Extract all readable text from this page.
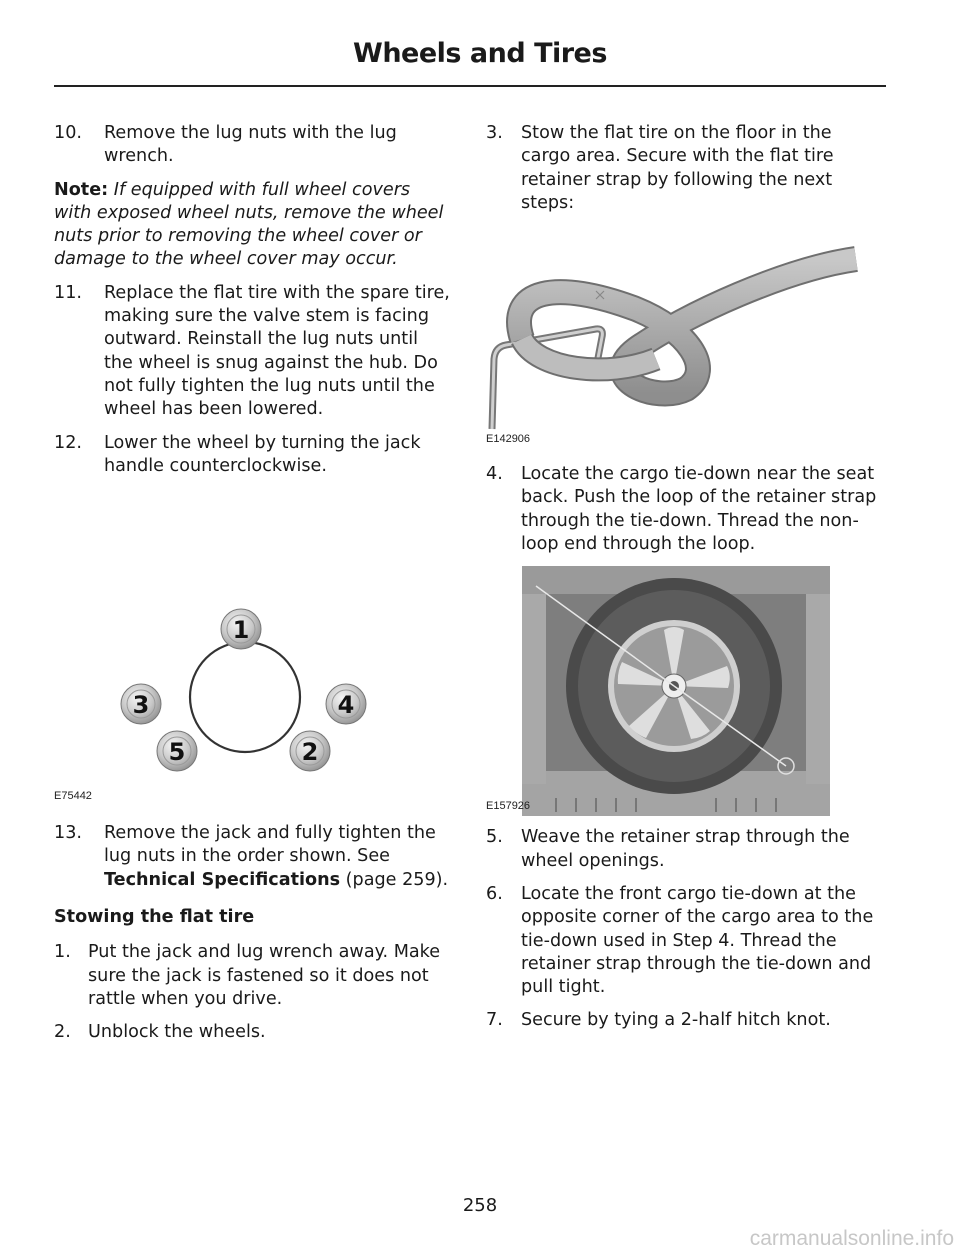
Wheels and Tires
10.	Remove the lug nuts with the lug wrench.
Note: If equipped with full wheel covers with exposed wheel nuts, remove the wheel nuts prior to removing the wheel cover or damage to the wheel cover may occur.
11.	Replace the flat tire with the spare tire, making sure the valve stem is facing outward. Reinstall the lug nuts until the wheel is snug against the hub. Do not fully tighten the lug nuts until the wheel has been lowered.
12.	Lower the wheel by turning the jack handle counterclockwise.
1
3	4
5	2
E75442
13.	Remove the jack and fully tighten the lug nuts in the order shown. See Technical Specifications (page 259).
Stowing the flat tire
1. Put the jack and lug wrench away. Make sure the jack is fastened so it does not rattle when you drive.
2. Unblock the wheels.
3.	Stow the flat tire on the floor in the cargo area. Secure with the flat tire retainer strap by following the next steps:
E142906
4.	Locate the cargo tie-down near the seat back. Push the loop of the retainer strap through the tie-down. Thread the non-loop end through the loop.
E157926
5.	Weave the retainer strap through the wheel openings.
6.	Locate the front cargo tie-down at the opposite corner of the cargo area to the tie-down used in Step 4. Thread the retainer strap through the tie-down and pull tight.
7.	Secure by tying a 2-half hitch knot.
258
carmanualsonline.info
